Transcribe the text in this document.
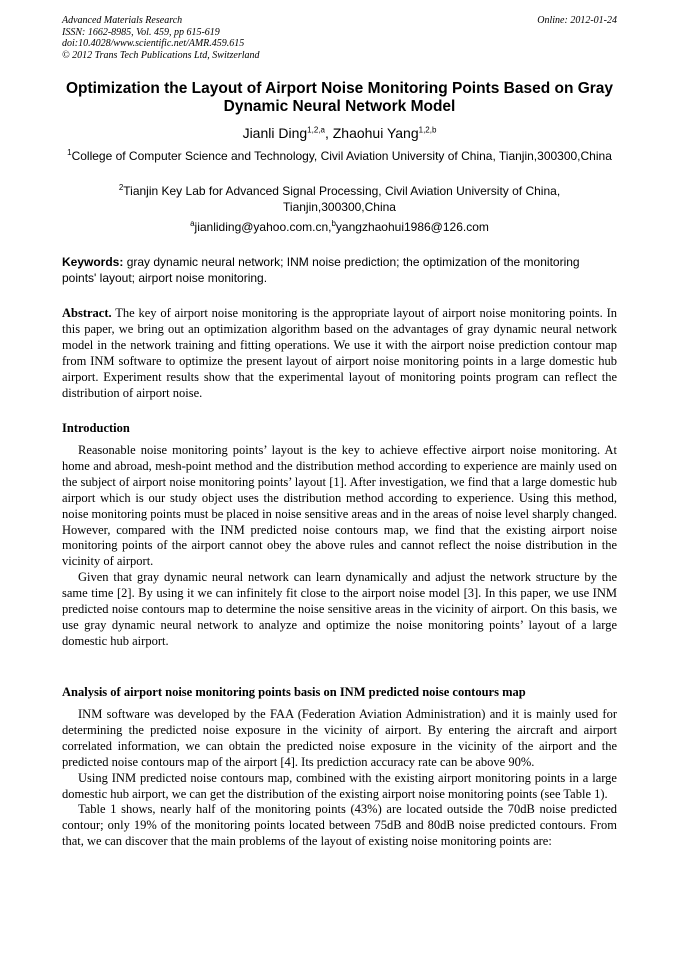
Advanced Materials Research
ISSN: 1662-8985, Vol. 459, pp 615-619
doi:10.4028/www.scientific.net/AMR.459.615
© 2012 Trans Tech Publications Ltd, Switzerland
Online: 2012-01-24
Optimization the Layout of Airport Noise Monitoring Points Based on Gray Dynamic Neural Network Model
Jianli Ding$^{1,2,a}$, Zhaohui Yang$^{1,2,b}$
$^1$College of Computer Science and Technology, Civil Aviation University of China, Tianjin,300300,China
$^2$Tianjin Key Lab for Advanced Signal Processing, Civil Aviation University of China, Tianjin,300300,China
$^a$jianliding@yahoo.com.cn,$^b$yangzhaohui1986@126.com
Keywords: gray dynamic neural network; INM noise prediction; the optimization of the monitoring points' layout; airport noise monitoring.

Abstract. The key of airport noise monitoring is the appropriate layout of airport noise monitoring points. In this paper, we bring out an optimization algorithm based on the advantages of gray dynamic neural network model in the network training and fitting operations. We use it with the airport noise prediction contour map from INM software to optimize the present layout of airport noise monitoring points in a large domestic hub airport. Experiment results show that the experimental layout of monitoring points program can reflect the distribution of airport noise.

Introduction

Reasonable noise monitoring points’ layout is the key to achieve effective airport noise monitoring. At home and abroad, mesh-point method and the distribution method according to experience are mainly used on the subject of airport noise monitoring points’ layout [1]. After investigation, we find that a large domestic hub airport which is our study object uses the distribution method according to experience. Using this method, noise monitoring points must be placed in noise sensitive areas and in the areas of noise level sharply changed. However, compared with the INM predicted noise contours map, we find that the existing airport noise monitoring points of the airport cannot obey the above rules and cannot reflect the noise distribution in the vicinity of airport.

Given that gray dynamic neural network can learn dynamically and adjust the network structure by the same time [2]. By using it we can infinitely fit close to the airport noise model [3]. In this paper, we use INM predicted noise contours map to determine the noise sensitive areas in the vicinity of airport. On this basis, we use gray dynamic neural network to analyze and optimize the noise monitoring points’ layout of a large domestic hub airport.

Analysis of airport noise monitoring points basis on INM predicted noise contours map

INM software was developed by the FAA (Federation Aviation Administration) and it is mainly used for determining the predicted noise exposure in the vicinity of airport. By entering the aircraft and airport correlated information, we can obtain the predicted noise exposure in the vicinity of the airport and the predicted noise contours map of the airport [4]. Its prediction accuracy rate can be above 90%.

Using INM predicted noise contours map, combined with the existing airport monitoring points in a large domestic hub airport, we can get the distribution of the existing airport noise monitoring points (see Table 1).

Table 1 shows, nearly half of the monitoring points (43%) are located outside the 70dB noise predicted contour; only 19% of the monitoring points located between 75dB and 80dB noise predicted contours. From that, we can discover that the main problems of the layout of existing noise monitoring points are:
